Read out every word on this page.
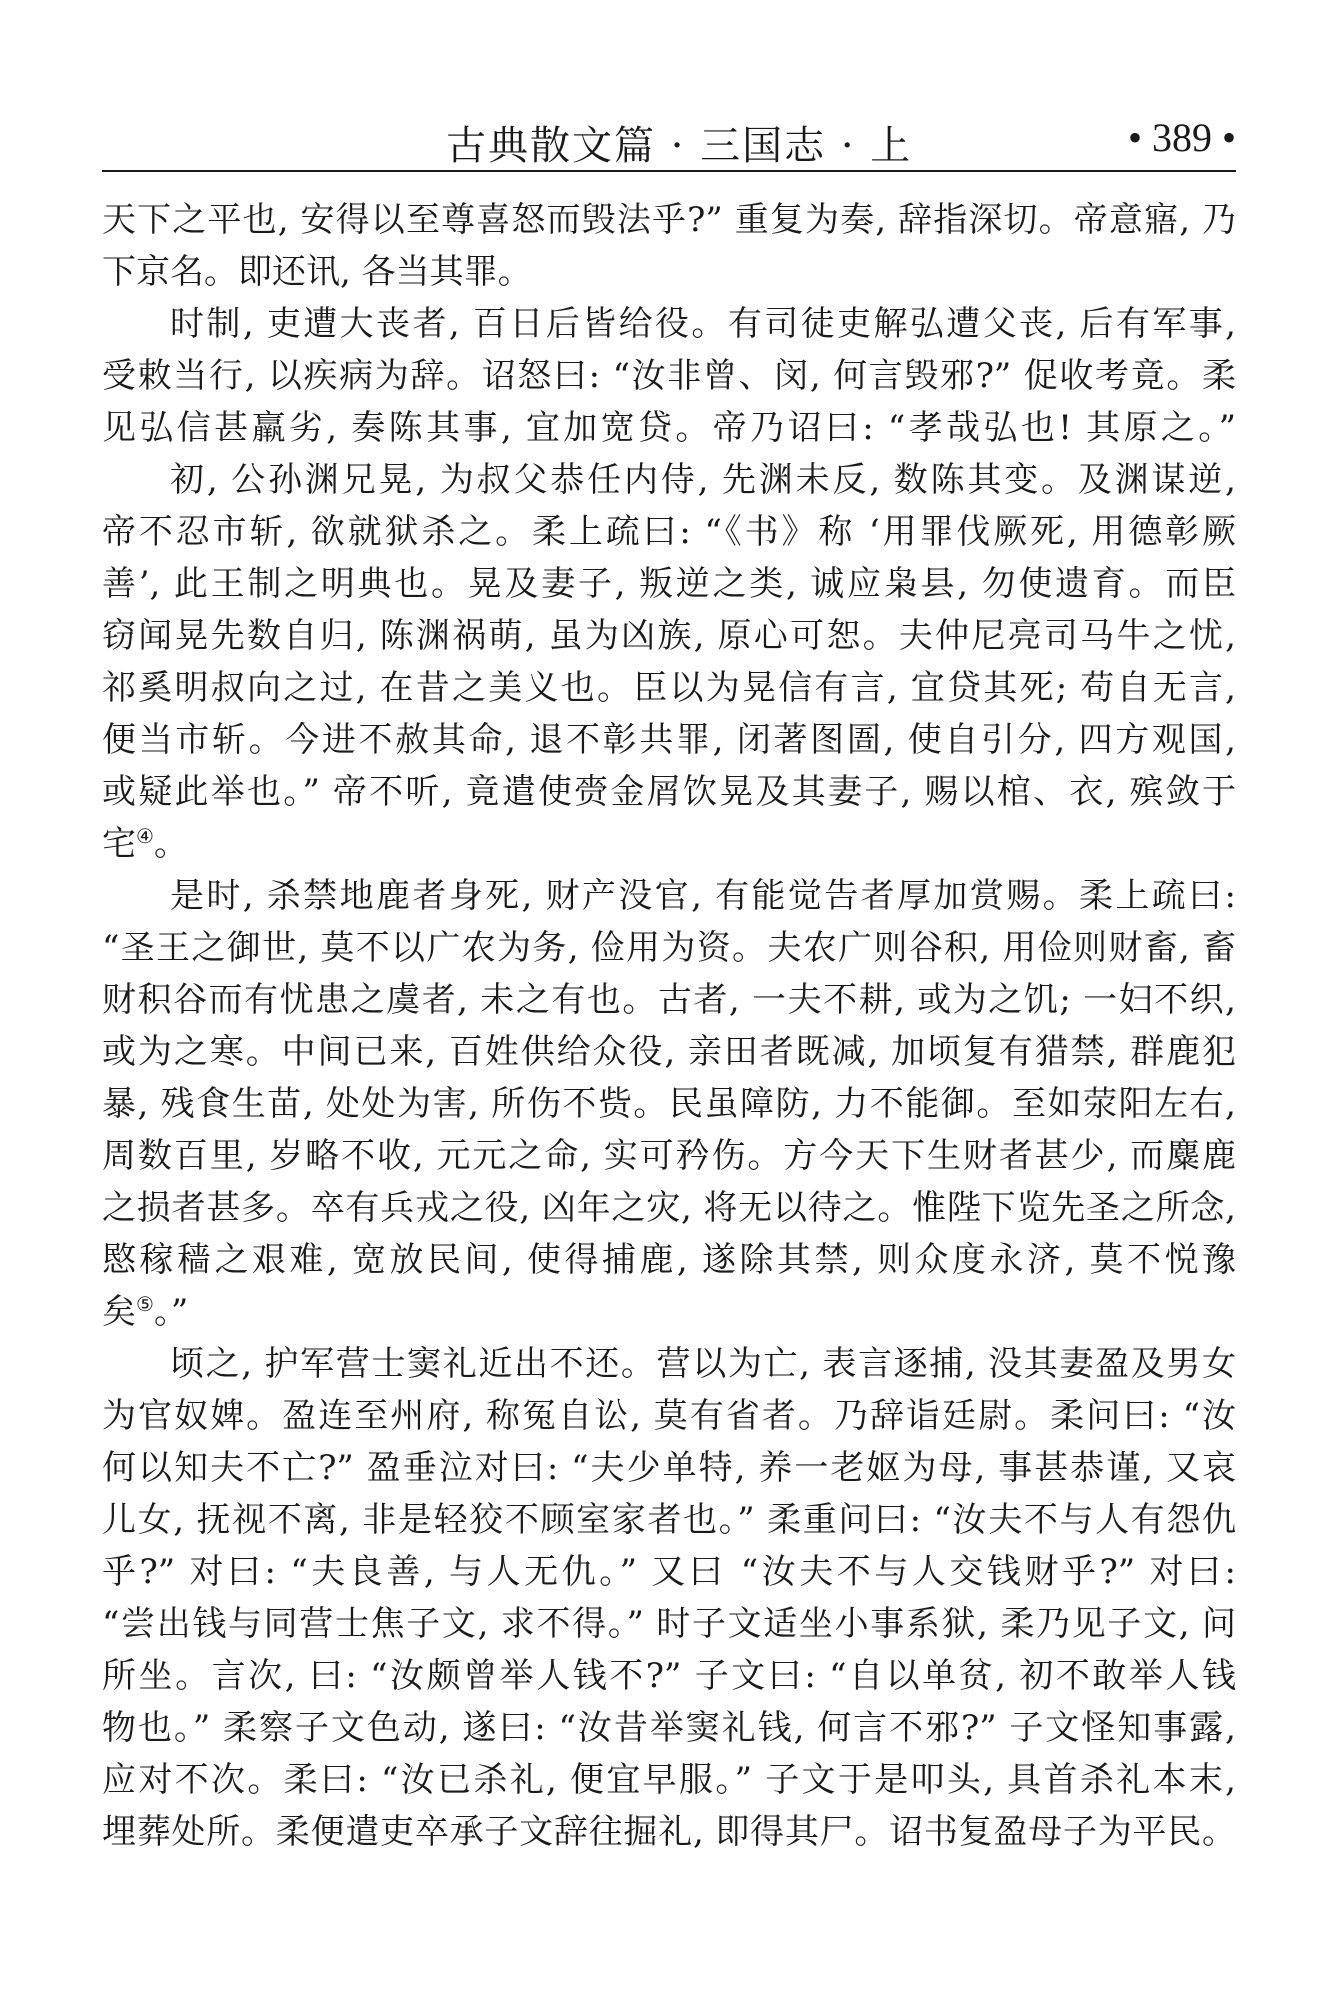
古典散文篇 · 三国志 · 上	• 389 •
天下之平也, 安得以至尊喜怒而毁法乎?” 重复为奏, 辞指深切。帝意寤, 乃
下京名。即还讯, 各当其罪。
时制, 吏遭大丧者, 百日后皆给役。有司徒吏解弘遭父丧, 后有军事,
受敕当行, 以疾病为辞。诏怒曰: “汝非曾、闵, 何言毁邪?” 促收考竟。柔
见弘信甚羸劣, 奏陈其事, 宜加宽贷。帝乃诏曰: “孝哉弘也! 其原之。”
初, 公孙渊兄晃, 为叔父恭任内侍, 先渊未反, 数陈其变。及渊谋逆,
帝不忍市斩, 欲就狱杀之。柔上疏曰: “《书》称 ‘用罪伐厥死, 用德彰厥
善’, 此王制之明典也。晃及妻子, 叛逆之类, 诚应枭县, 勿使遗育。而臣
窃闻晃先数自归, 陈渊祸萌, 虽为凶族, 原心可恕。夫仲尼亮司马牛之忧,
祁奚明叔向之过, 在昔之美义也。臣以为晃信有言, 宜贷其死; 苟自无言,
便当市斩。今进不赦其命, 退不彰共罪, 闭著图圄, 使自引分, 四方观国,
或疑此举也。” 帝不听, 竟遣使赍金屑饮晃及其妻子, 赐以棺、衣, 殡敛于
宅④。
是时, 杀禁地鹿者身死, 财产没官, 有能觉告者厚加赏赐。柔上疏曰:
“圣王之御世, 莫不以广农为务, 俭用为资。夫农广则谷积, 用俭则财畜, 畜
财积谷而有忧患之虞者, 未之有也。古者, 一夫不耕, 或为之饥; 一妇不织,
或为之寒。中间已来, 百姓供给众役, 亲田者既减, 加顷复有猎禁, 群鹿犯
暴, 残食生苗, 处处为害, 所伤不赀。民虽障防, 力不能御。至如荥阳左右,
周数百里, 岁略不收, 元元之命, 实可矜伤。方今天下生财者甚少, 而麋鹿
之损者甚多。卒有兵戎之役, 凶年之灾, 将无以待之。惟陛下览先圣之所念,
愍稼穑之艰难, 宽放民间, 使得捕鹿, 遂除其禁, 则众度永济, 莫不悦豫
矣⑤。”
顷之, 护军营士窦礼近出不还。营以为亡, 表言逐捕, 没其妻盈及男女
为官奴婢。盈连至州府, 称冤自讼, 莫有省者。乃辞诣廷尉。柔问曰: “汝
何以知夫不亡?” 盈垂泣对曰: “夫少单特, 养一老妪为母, 事甚恭谨, 又哀
儿女, 抚视不离, 非是轻狡不顾室家者也。” 柔重问曰: “汝夫不与人有怨仇
乎?” 对曰: “夫良善, 与人无仇。” 又曰 “汝夫不与人交钱财乎?” 对曰:
“尝出钱与同营士焦子文, 求不得。” 时子文适坐小事系狱, 柔乃见子文, 问
所坐。言次, 曰: “汝颇曾举人钱不?” 子文曰: “自以单贫, 初不敢举人钱
物也。” 柔察子文色动, 遂曰: “汝昔举窦礼钱, 何言不邪?” 子文怪知事露,
应对不次。柔曰: “汝已杀礼, 便宜早服。” 子文于是叩头, 具首杀礼本末,
埋葬处所。柔便遣吏卒承子文辞往掘礼, 即得其尸。诏书复盈母子为平民。
